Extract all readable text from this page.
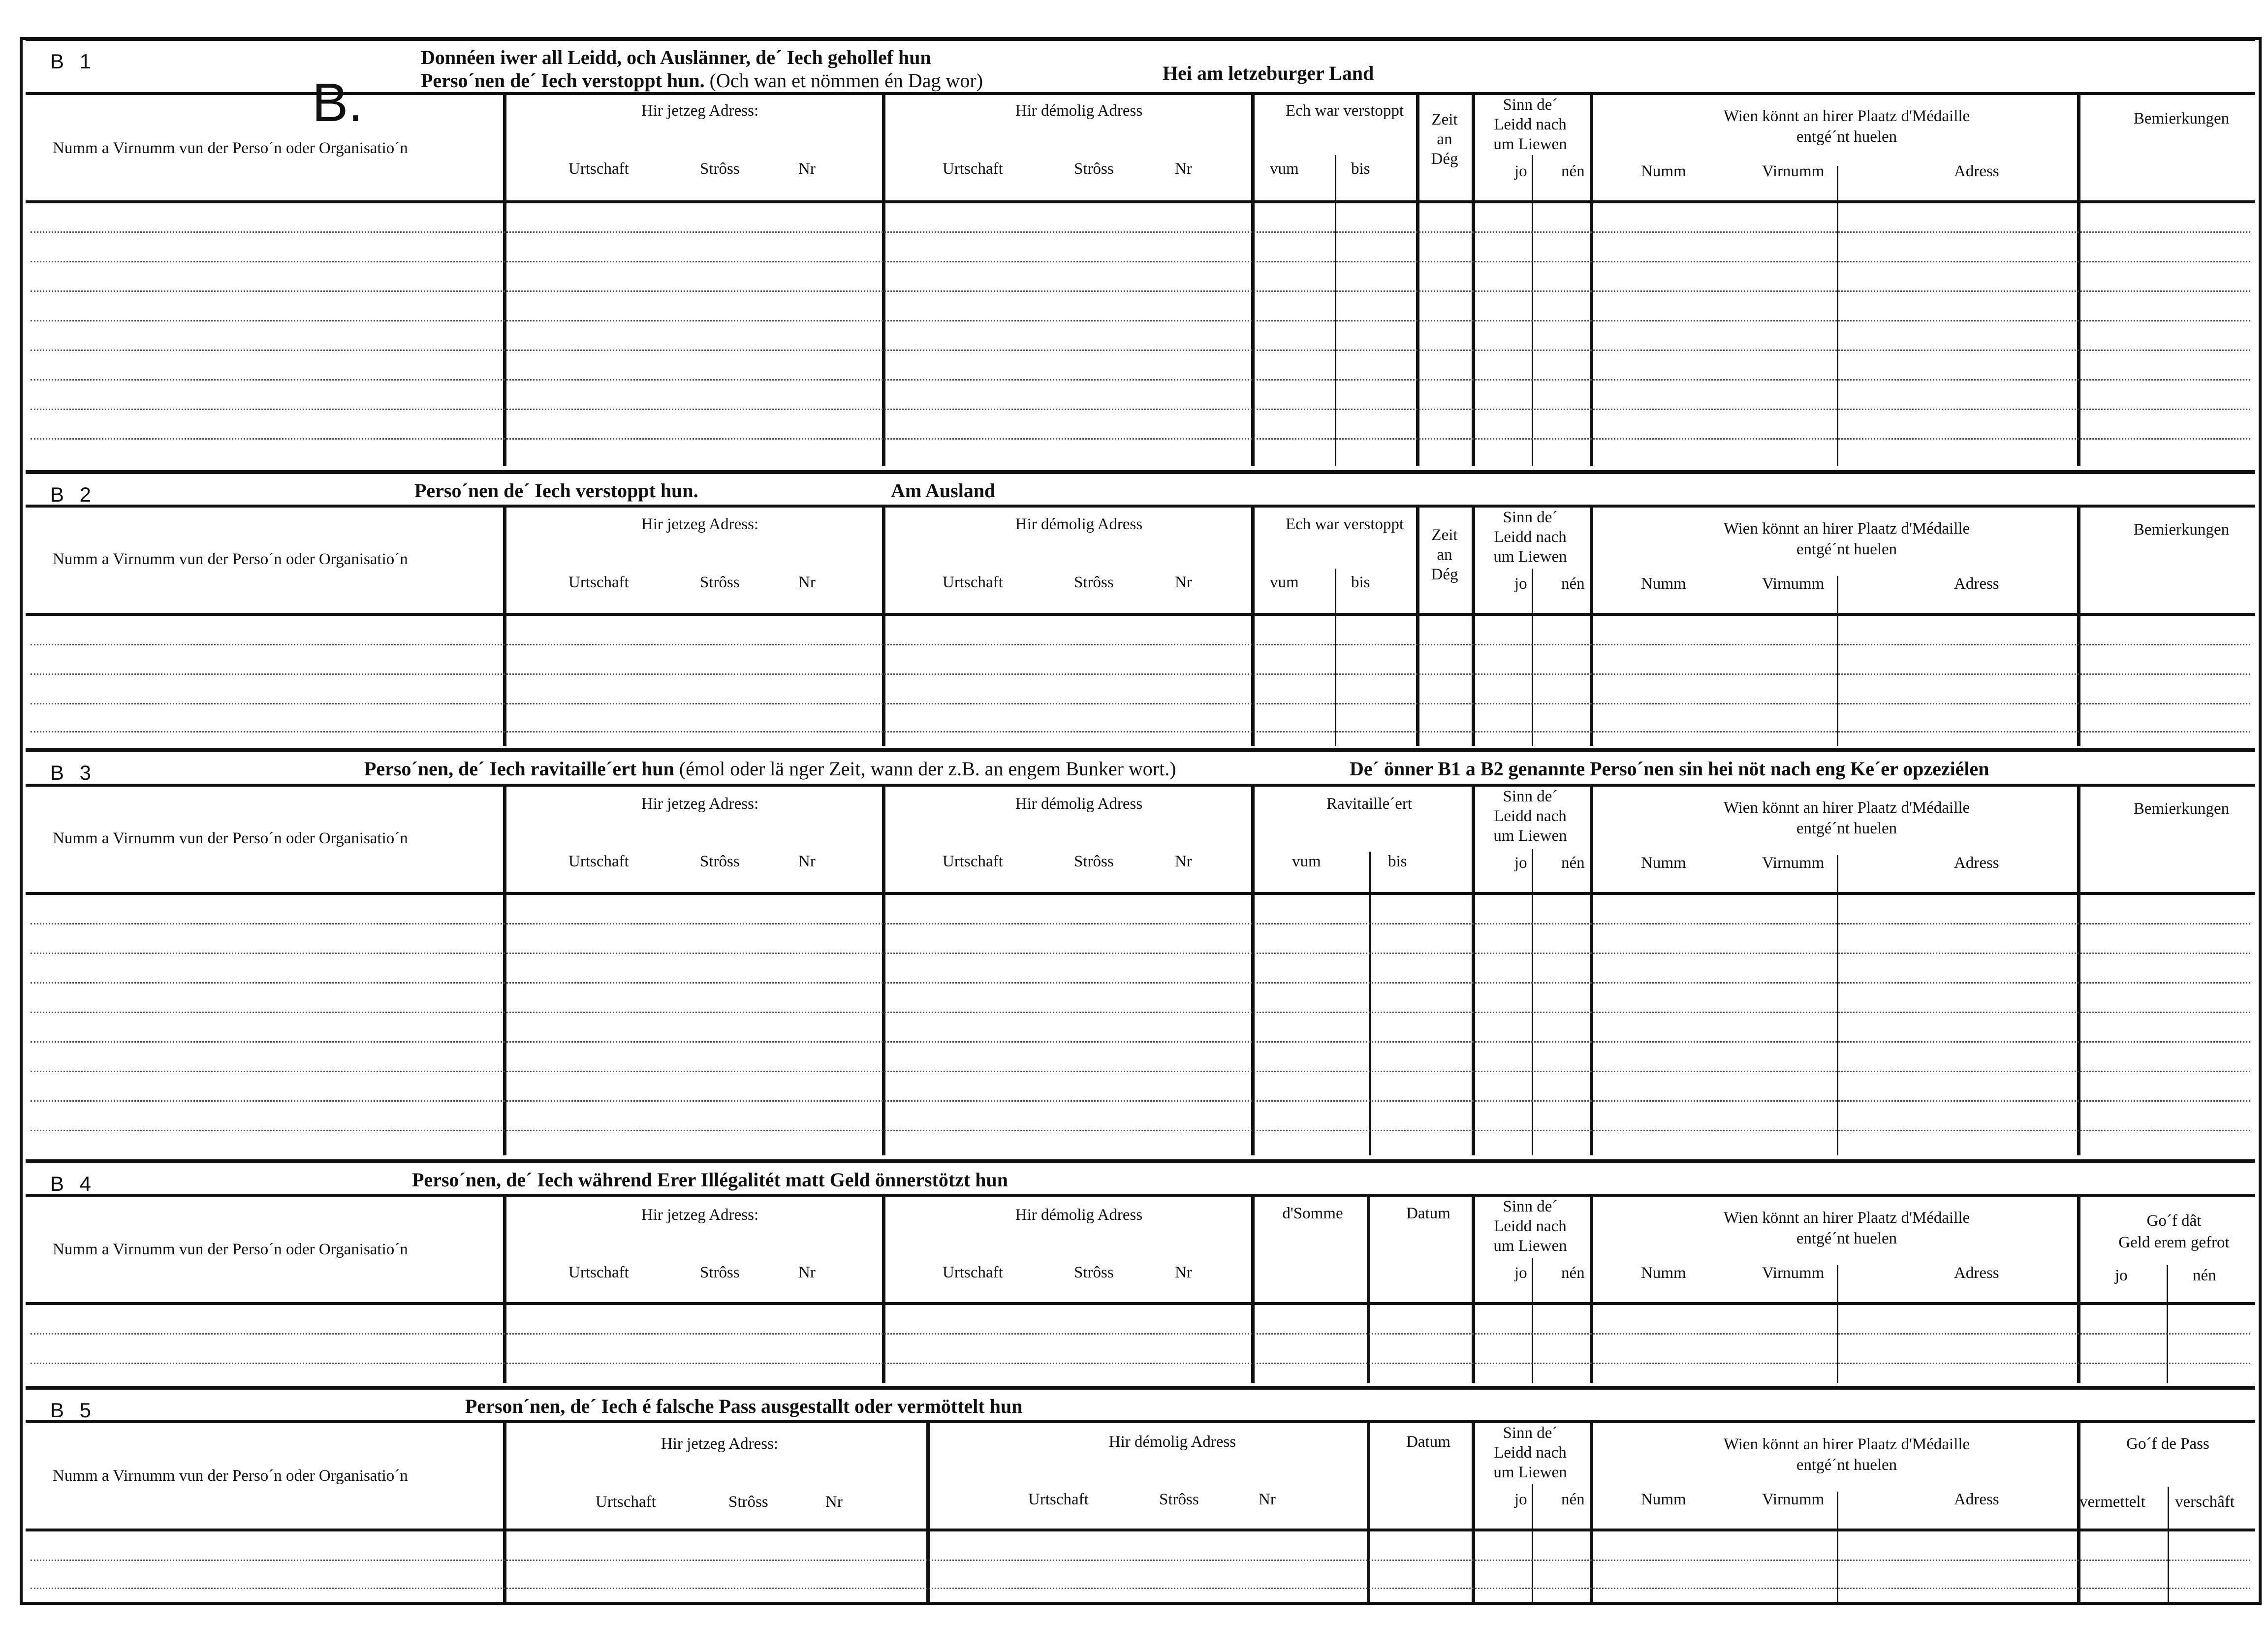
B 1
B.
Donnéen iwer all Leidd, och Auslänner, de´ Iech gehollef hun
Perso´nen de´ Iech verstoppt hun. (Och wan et nömmen én Dag wor)	Hei am letzeburger Land
Numm a Virnumm vun der Perso´n oder Organisatio´n
Hir jetzeg Adress:
Urtschaft	Strôss	Nr
Hir démolig Adress
Urtschaft	Strôss	Nr
Ech war verstoppt
vum	bis
Zeit
an
Dég
Sinn de´
Leidd nach
um Liewen
jo nén
Wien könnt an hirer Plaatz d'Médaille
entgé´nt huelen
Numm	Virnumm	Adress
Bemierkungen
B 2	Perso´nen de´ Iech verstoppt hun.	Am Ausland
Numm a Virnumm vun der Perso´n oder Organisatio´n
Hir jetzeg Adress:
Urtschaft	Strôss	Nr
Hir démolig Adress
Urtschaft	Strôss	Nr
Ech war verstoppt
vum	bis
Zeit
an
Dég
Sinn de´
Leidd nach
um Liewen
jo nén
Wien könnt an hirer Plaatz d'Médaille
entgé´nt huelen
Numm	Virnumm	Adress
Bemierkungen
B 3	Perso´nen, de´ Iech ravitaille´ert hun (émol oder lä nger Zeit, wann der z.B. an engem Bunker wort.)	De´ önner B1 a B2 genannte Perso´nen sin hei nöt nach eng Ke´er opzeziélen
Numm a Virnumm vun der Perso´n oder Organisatio´n
Hir jetzeg Adress:
Urtschaft	Strôss	Nr
Hir démolig Adress
Urtschaft	Strôss	Nr
Ravitaille´ert
vum	bis
Sinn de´
Leidd nach
um Liewen
jo nén
Wien könnt an hirer Plaatz d'Médaille
entgé´nt huelen
Numm	Virnumm	Adress
Bemierkungen
B 4	Perso´nen, de´ Iech während Erer Illégalitét matt Geld önnerstötzt hun
Numm a Virnumm vun der Perso´n oder Organisatio´n
Hir jetzeg Adress:
Urtschaft	Strôss	Nr
Hir démolig Adress
Urtschaft	Strôss	Nr
d'Somme	Datum	Sinn de´
Leidd nach
um Liewen
jo nén
Wien könnt an hirer Plaatz d'Médaille
entgé´nt huelen
Numm	Virnumm	Adress
Go´f dât
Geld erem gefrot
jo	nén
B 5	Person´nen, de´ Iech é falsche Pass ausgestallt oder vermöttelt hun
Numm a Virnumm vun der Perso´n oder Organisatio´n
Hir jetzeg Adress:
Urtschaft	Strôss	Nr
Hir démolig Adress
Urtschaft	Strôss	Nr
Datum	Sinn de´
Leidd nach
um Liewen
jo nén
Wien könnt an hirer Plaatz d'Médaille
entgé´nt huelen
Numm	Virnumm	Adress
Go´f de Pass
vermettelt verschâft
